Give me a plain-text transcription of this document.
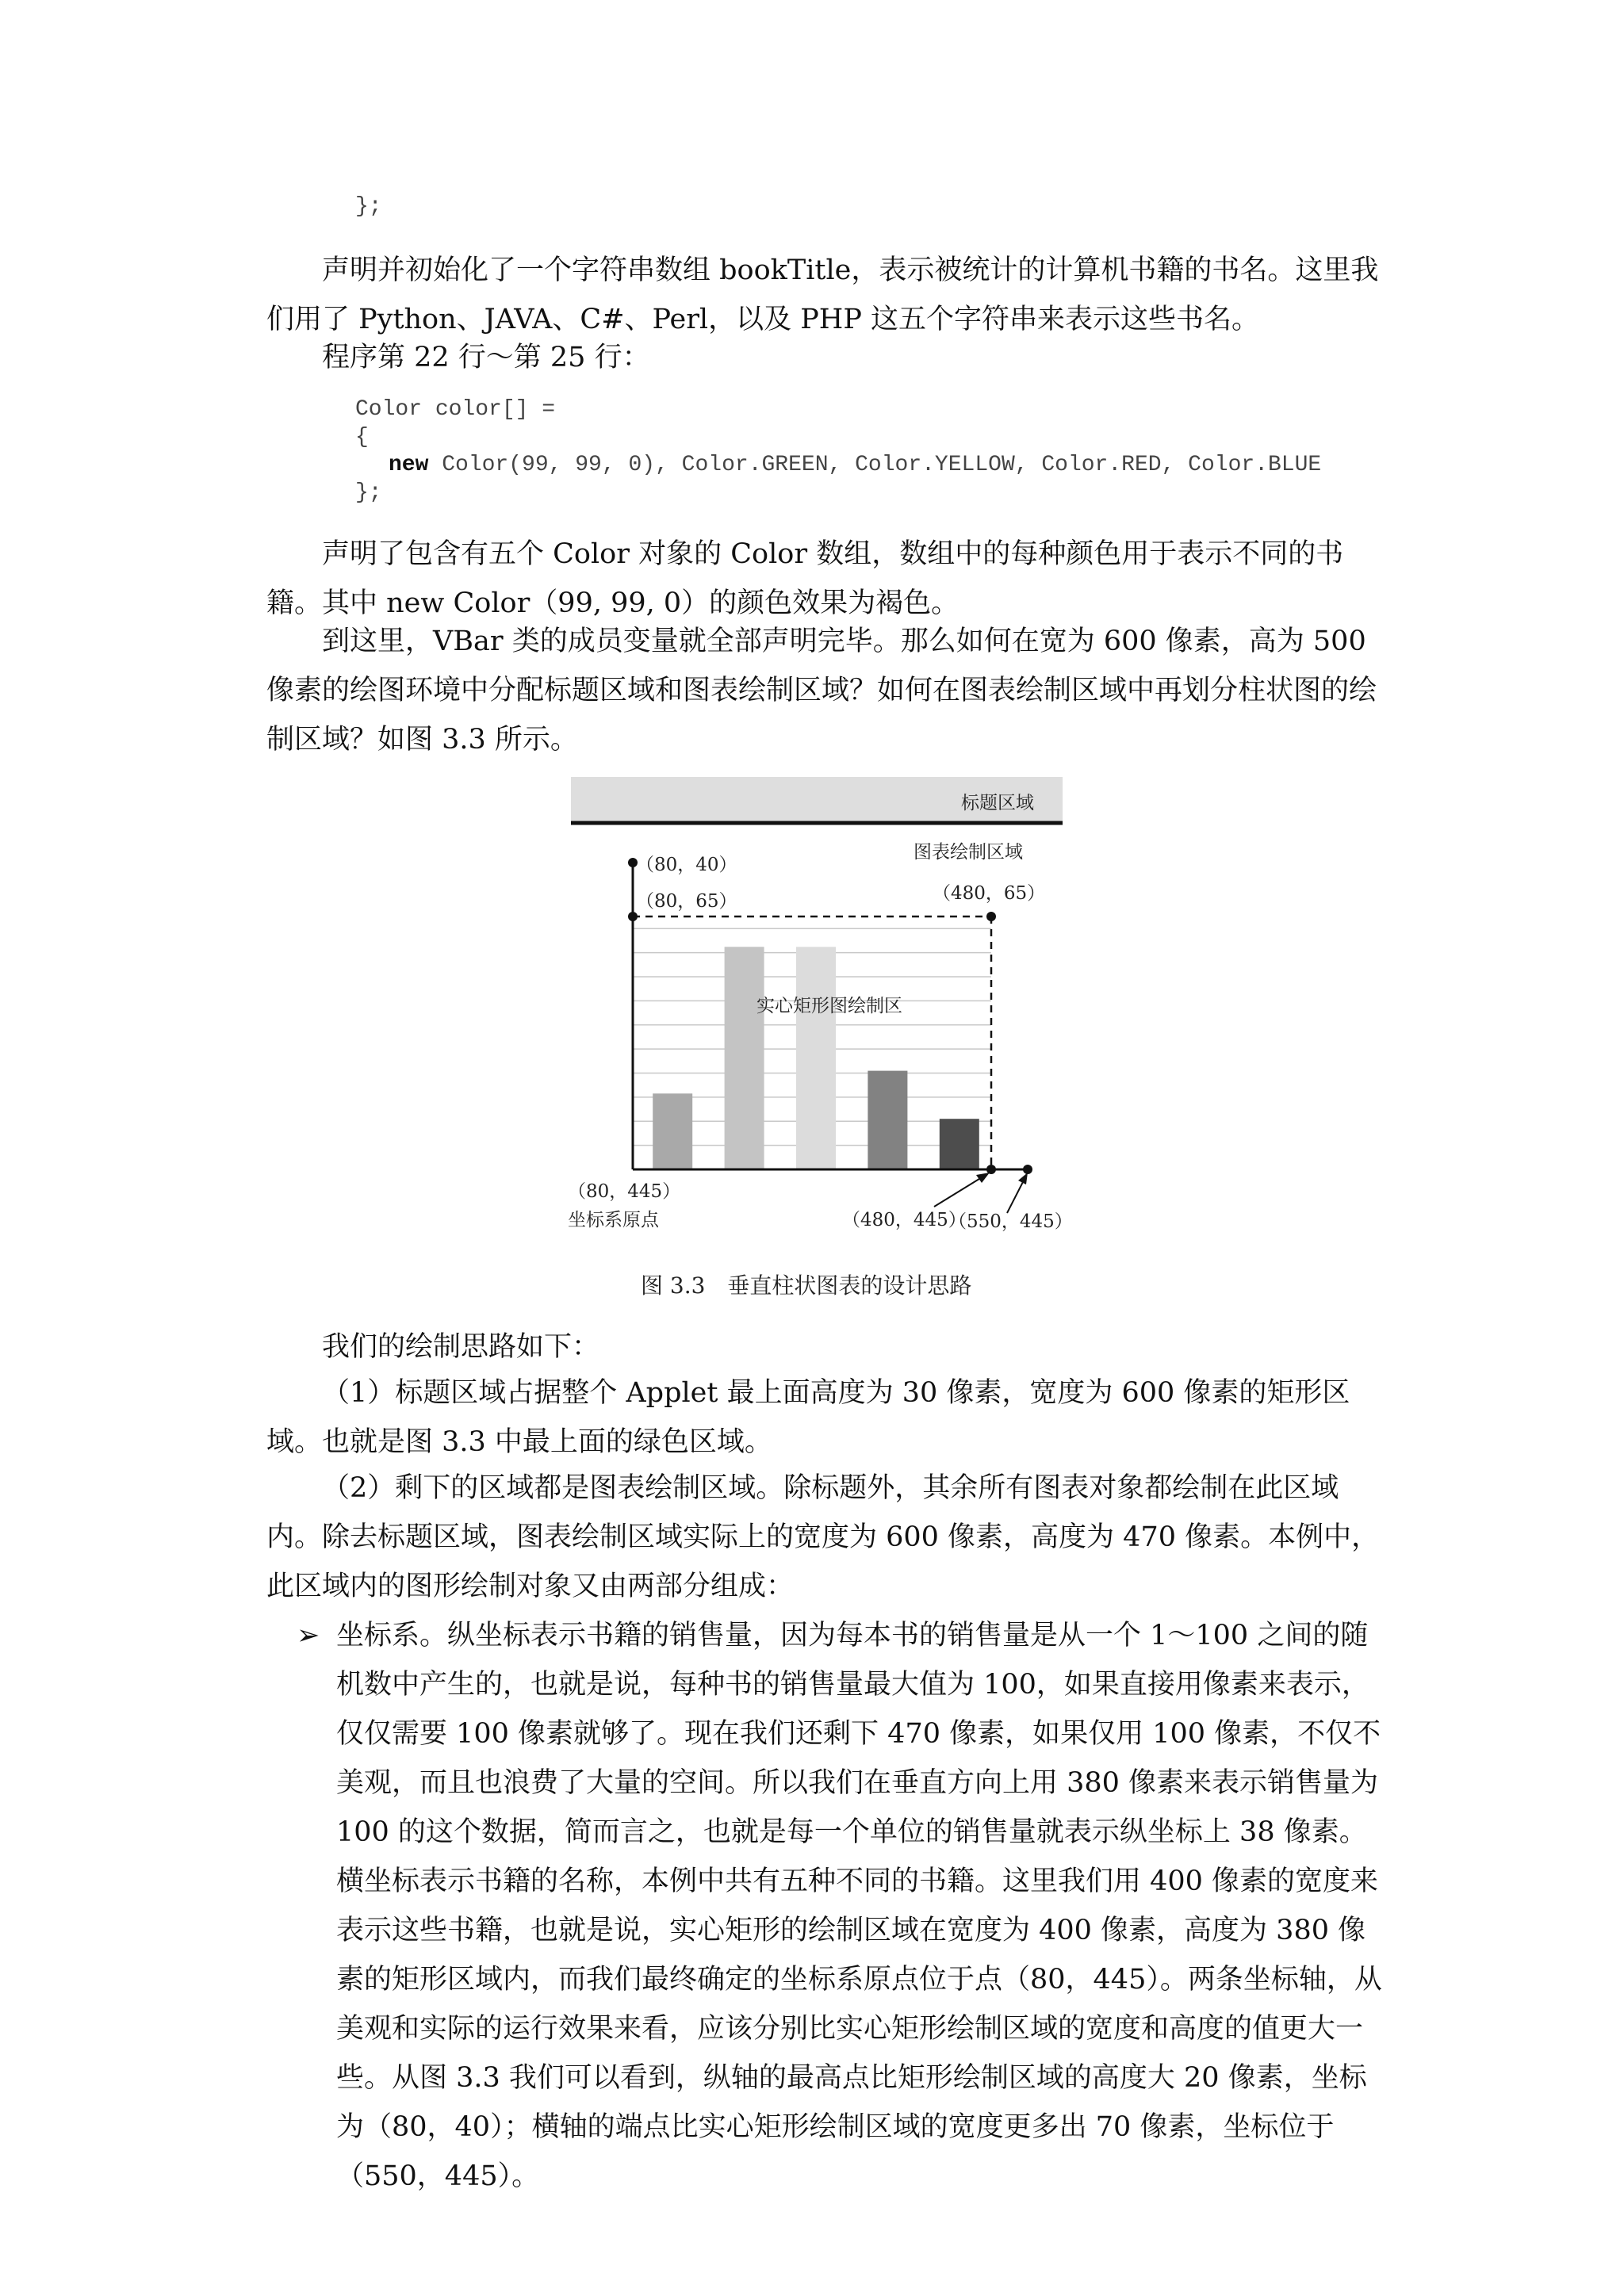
};

声明并初始化了一个字符串数组 bookTitle，表示被统计的计算机书籍的书名。这里我们用了 Python、JAVA、C#、Perl，以及 PHP 这五个字符串来表示这些书名。

程序第 22 行～第 25 行：

Color color[] =
{
new Color(99, 99, 0), Color.GREEN, Color.YELLOW, Color.RED, Color.BLUE
};

声明了包含有五个 Color 对象的 Color 数组，数组中的每种颜色用于表示不同的书籍。其中 new Color（99, 99, 0）的颜色效果为褐色。

到这里，VBar 类的成员变量就全部声明完毕。那么如何在宽为 600 像素，高为 500 像素的绘图环境中分配标题区域和图表绘制区域？如何在图表绘制区域中再划分柱状图的绘制区域？如图 3.3 所示。

标题区域
图表绘制区域
（80，40）
（80，65）	（480，65）
实心矩形图绘制区
（80，445）
坐标系原点	（480，445）
（550，445）
图 3.3　垂直柱状图表的设计思路

我们的绘制思路如下：

（1）标题区域占据整个 Applet 最上面高度为 30 像素，宽度为 600 像素的矩形区域。也就是图 3.3 中最上面的绿色区域。

（2）剩下的区域都是图表绘制区域。除标题外，其余所有图表对象都绘制在此区域内。除去标题区域，图表绘制区域实际上的宽度为 600 像素，高度为 470 像素。本例中，此区域内的图形绘制对象又由两部分组成：

➢ 坐标系。纵坐标表示书籍的销售量，因为每本书的销售量是从一个 1～100 之间的随机数中产生的，也就是说，每种书的销售量最大值为 100，如果直接用像素来表示，仅仅需要 100 像素就够了。现在我们还剩下 470 像素，如果仅用 100 像素，不仅不美观，而且也浪费了大量的空间。所以我们在垂直方向上用 380 像素来表示销售量为 100 的这个数据，简而言之，也就是每一个单位的销售量就表示纵坐标上 38 像素。横坐标表示书籍的名称，本例中共有五种不同的书籍。这里我们用 400 像素的宽度来表示这些书籍，也就是说，实心矩形的绘制区域在宽度为 400 像素，高度为 380 像素的矩形区域内，而我们最终确定的坐标系原点位于点（80，445）。两条坐标轴，从美观和实际的运行效果来看，应该分别比实心矩形绘制区域的宽度和高度的值更大一些。从图 3.3 我们可以看到，纵轴的最高点比矩形绘制区域的高度大 20 像素，坐标为（80，40）；横轴的端点比实心矩形绘制区域的宽度更多出 70 像素，坐标位于（550，445）。
